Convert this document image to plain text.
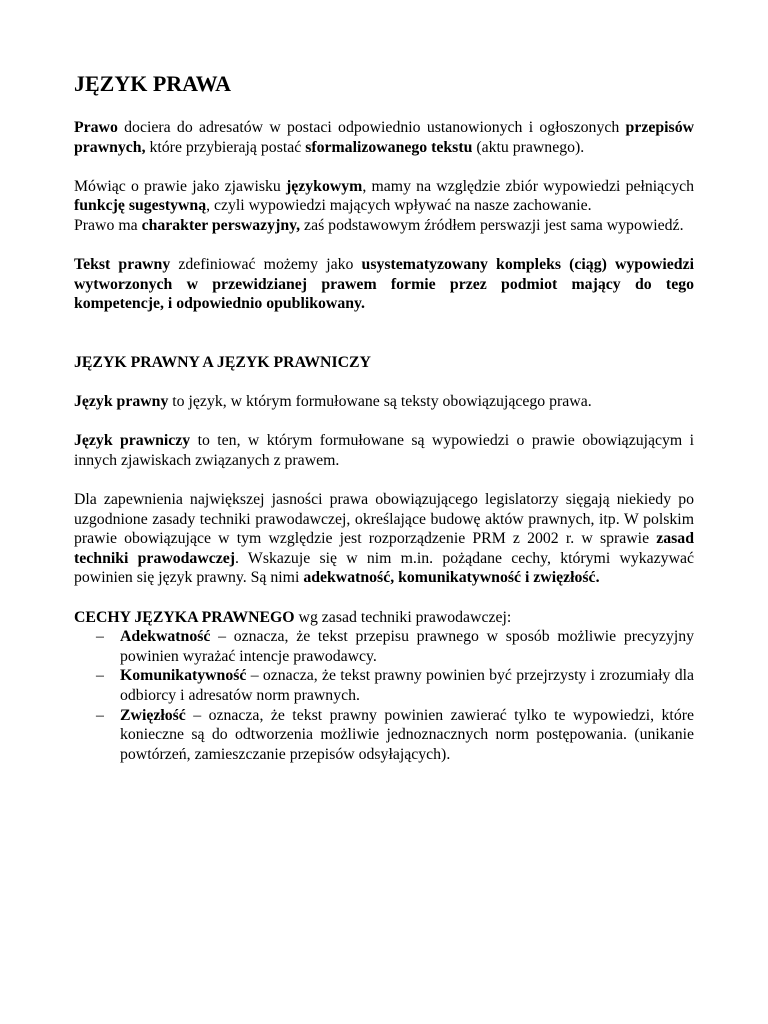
JĘZYK PRAWA

Prawo dociera do adresatów w postaci odpowiednio ustanowionych i ogłoszonych przepisów prawnych, które przybierają postać sformalizowanego tekstu (aktu prawnego).

Mówiąc o prawie jako zjawisku językowym, mamy na względzie zbiór wypowiedzi pełniących funkcję sugestywną, czyli wypowiedzi mających wpływać na nasze zachowanie.

Prawo ma charakter perswazyjny, zaś podstawowym źródłem perswazji jest sama wypowiedź.

Tekst prawny zdefiniować możemy jako usystematyzowany kompleks (ciąg) wypowiedzi wytworzonych w przewidzianej prawem formie przez podmiot mający do tego kompetencje, i odpowiednio opublikowany.

JĘZYK PRAWNY A JĘZYK PRAWNICZY

Język prawny to język, w którym formułowane są teksty obowiązującego prawa.

Język prawniczy to ten, w którym formułowane są wypowiedzi o prawie obowiązującym i innych zjawiskach związanych z prawem.

Dla zapewnienia największej jasności prawa obowiązującego legislatorzy sięgają niekiedy po uzgodnione zasady techniki prawodawczej, określające budowę aktów prawnych, itp. W polskim prawie obowiązujące w tym względzie jest rozporządzenie PRM z 2002 r. w sprawie zasad techniki prawodawczej. Wskazuje się w nim m.in. pożądane cechy, którymi wykazywać powinien się język prawny. Są nimi adekwatność, komunikatywność i zwięzłość.

CECHY JĘZYKA PRAWNEGO wg zasad techniki prawodawczej:

– Adekwatność – oznacza, że tekst przepisu prawnego w sposób możliwie precyzyjny powinien wyrażać intencje prawodawcy.
– Komunikatywność – oznacza, że tekst prawny powinien być przejrzysty i zrozumiały dla odbiorcy i adresatów norm prawnych.
– Zwięzłość – oznacza, że tekst prawny powinien zawierać tylko te wypowiedzi, które konieczne są do odtworzenia możliwie jednoznacznych norm postępowania. (unikanie powtórzeń, zamieszczanie przepisów odsyłających).
